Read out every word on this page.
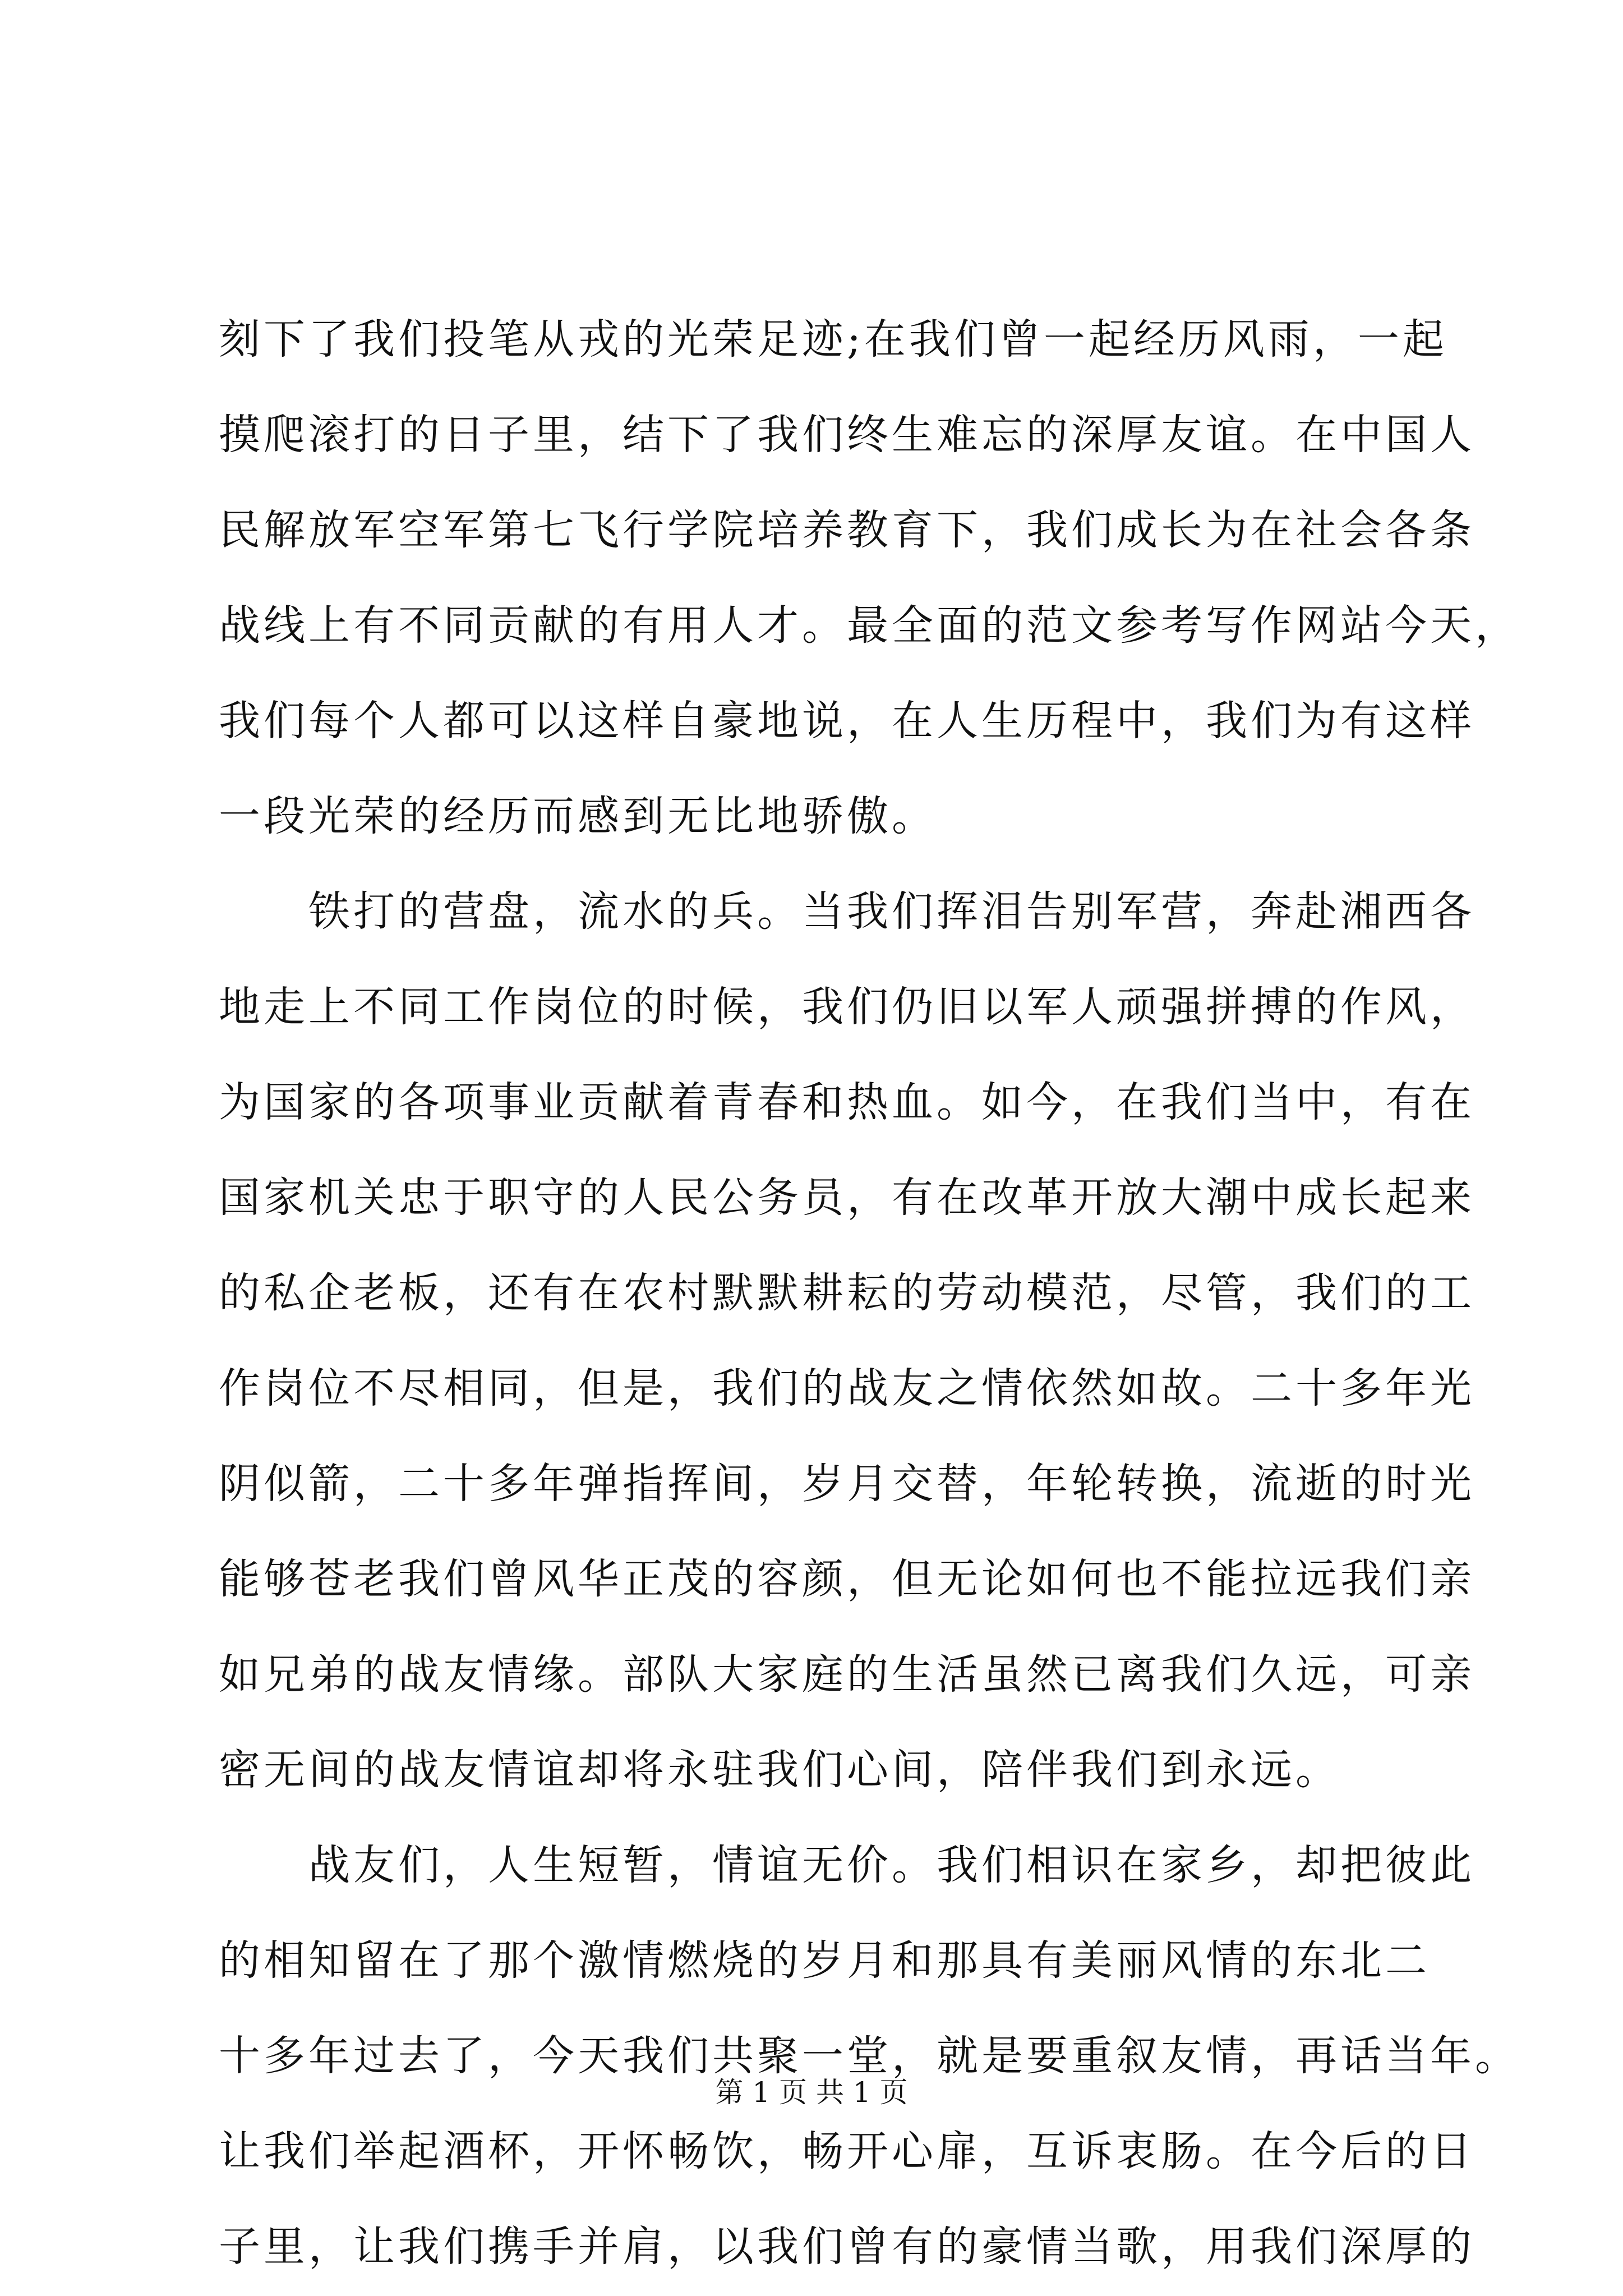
刻下了我们投笔从戎的光荣足迹;在我们曾一起经历风雨，一起
摸爬滚打的日子里，结下了我们终生难忘的深厚友谊。在中国人
民解放军空军第七飞行学院培养教育下，我们成长为在社会各条
战线上有不同贡献的有用人才。最全面的范文参考写作网站今天，
我们每个人都可以这样自豪地说，在人生历程中，我们为有这样
一段光荣的经历而感到无比地骄傲。
铁打的营盘，流水的兵。当我们挥泪告别军营，奔赴湘西各
地走上不同工作岗位的时候，我们仍旧以军人顽强拼搏的作风，
为国家的各项事业贡献着青春和热血。如今，在我们当中，有在
国家机关忠于职守的人民公务员，有在改革开放大潮中成长起来
的私企老板，还有在农村默默耕耘的劳动模范，尽管，我们的工
作岗位不尽相同，但是，我们的战友之情依然如故。二十多年光
阴似箭，二十多年弹指挥间，岁月交替，年轮转换，流逝的时光
能够苍老我们曾风华正茂的容颜，但无论如何也不能拉远我们亲
如兄弟的战友情缘。部队大家庭的生活虽然已离我们久远，可亲
密无间的战友情谊却将永驻我们心间，陪伴我们到永远。
战友们，人生短暂，情谊无价。我们相识在家乡，却把彼此
的相知留在了那个激情燃烧的岁月和那具有美丽风情的东北二
十多年过去了，今天我们共聚一堂，就是要重叙友情，再话当年。
让我们举起酒杯，开怀畅饮，畅开心扉，互诉衷肠。在今后的日
子里，让我们携手并肩，以我们曾有的豪情当歌，用我们深厚的
第 1 页 共 1 页
